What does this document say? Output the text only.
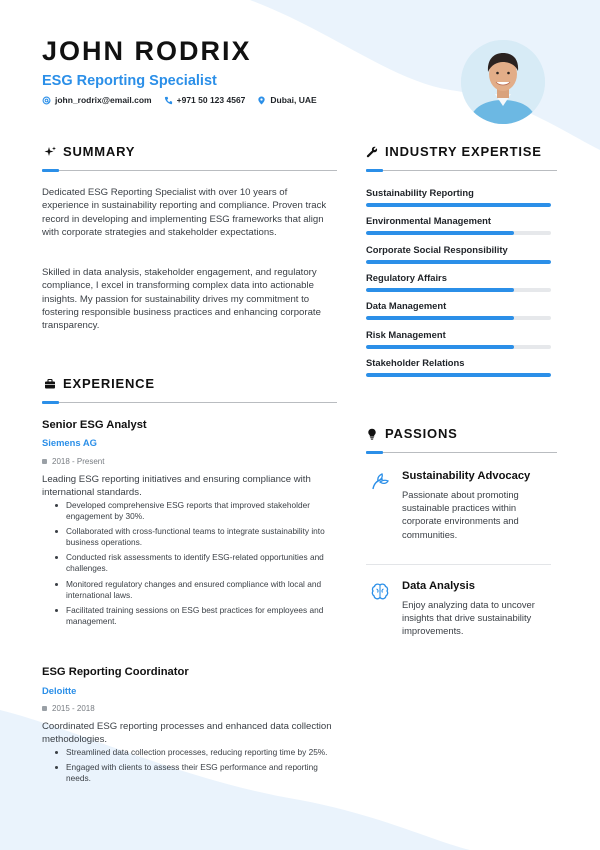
JOHN RODRIX
ESG Reporting Specialist
john_rodrix@email.com	+971 50 123 4567	Dubai, UAE
SUMMARY

Dedicated ESG Reporting Specialist with over 10 years of experience in sustainability reporting and compliance. Proven track record in developing and implementing ESG frameworks that align with corporate strategies and stakeholder expectations.

Skilled in data analysis, stakeholder engagement, and regulatory compliance, I excel in transforming complex data into actionable insights. My passion for sustainability drives my commitment to fostering responsible business practices and enhancing corporate transparency.

INDUSTRY EXPERTISE
Sustainability Reporting
Environmental Management
Corporate Social Responsibility
Regulatory Affairs
Data Management
Risk Management
Stakeholder Relations
EXPERIENCE
Senior ESG Analyst
Siemens AG
2018 - Present

Leading ESG reporting initiatives and ensuring compliance with international standards.

Developed comprehensive ESG reports that improved stakeholder engagement by 30%.
Collaborated with cross-functional teams to integrate sustainability into business operations.
Conducted risk assessments to identify ESG-related opportunities and challenges.
Monitored regulatory changes and ensured compliance with local and international laws.
Facilitated training sessions on ESG best practices for employees and management.
ESG Reporting Coordinator
Deloitte
2015 - 2018

Coordinated ESG reporting processes and enhanced data collection methodologies.

Streamlined data collection processes, reducing reporting time by 25%.
Engaged with clients to assess their ESG performance and reporting needs.
PASSIONS
Sustainability Advocacy

Passionate about promoting sustainable practices within corporate environments and communities.

Data Analysis

Enjoy analyzing data to uncover insights that drive sustainability improvements.
